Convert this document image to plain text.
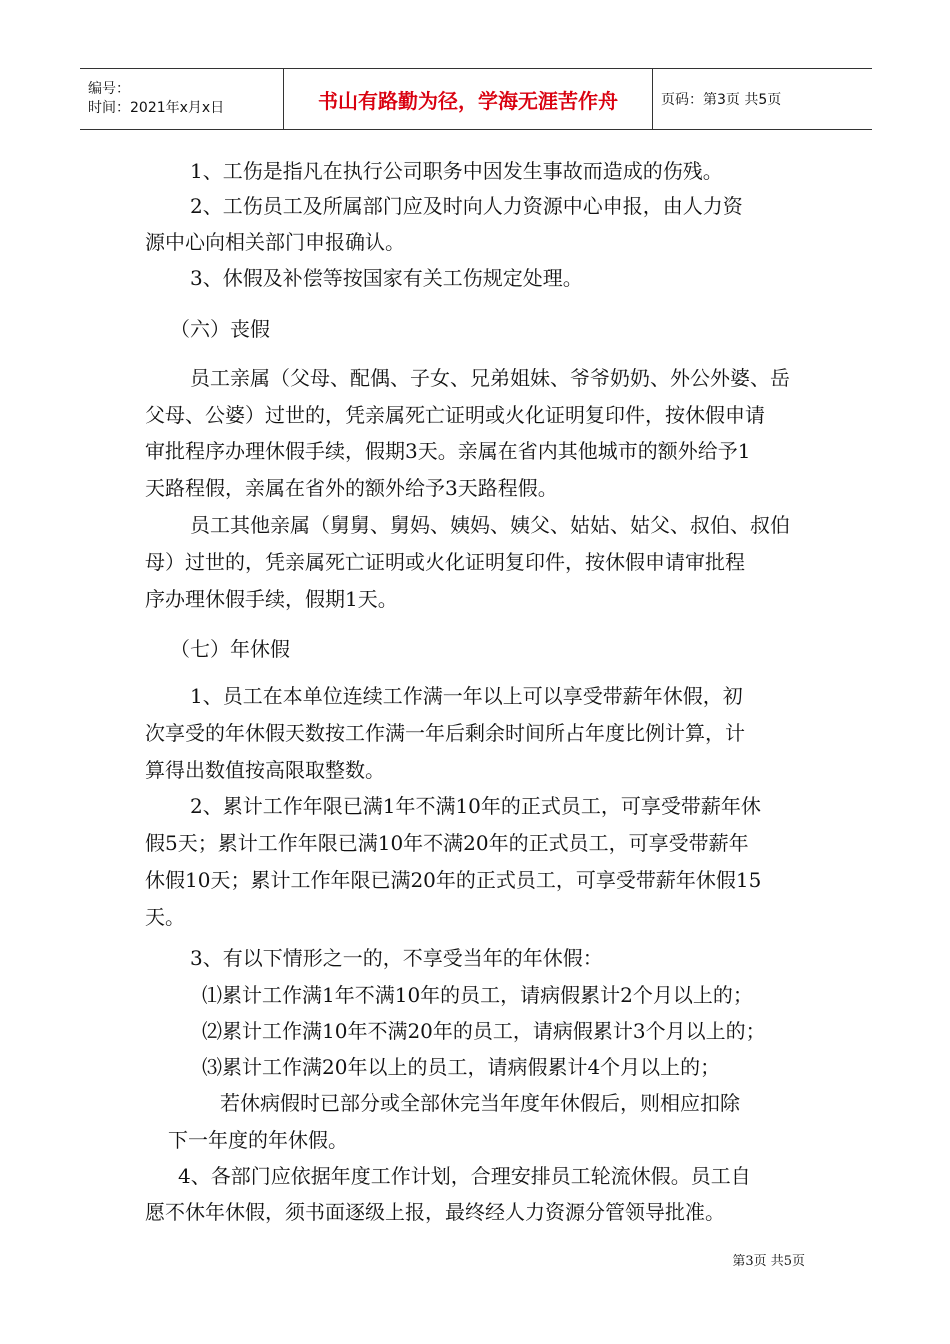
编号：
时间：2021年x月x日	书山有路勤为径，学海无涯苦作舟	页码：第3页 共5页
1、工伤是指凡在执行公司职务中因发生事故而造成的伤残。
2、工伤员工及所属部门应及时向人力资源中心申报，由人力资
源中心向相关部门申报确认。
3、休假及补偿等按国家有关工伤规定处理。
（六）丧假
员工亲属（父母、配偶、子女、兄弟姐妹、爷爷奶奶、外公外婆、岳
父母、公婆）过世的，凭亲属死亡证明或火化证明复印件，按休假申请
审批程序办理休假手续，假期3天。亲属在省内其他城市的额外给予1
天路程假，亲属在省外的额外给予3天路程假。
员工其他亲属（舅舅、舅妈、姨妈、姨父、姑姑、姑父、叔伯、叔伯
母）过世的，凭亲属死亡证明或火化证明复印件，按休假申请审批程
序办理休假手续，假期1天。
（七）年休假
1、员工在本单位连续工作满一年以上可以享受带薪年休假，初
次享受的年休假天数按工作满一年后剩余时间所占年度比例计算，计
算得出数值按高限取整数。
2、累计工作年限已满1年不满10年的正式员工，可享受带薪年休
假5天；累计工作年限已满10年不满20年的正式员工，可享受带薪年
休假10天；累计工作年限已满20年的正式员工，可享受带薪年休假15
天。
3、有以下情形之一的，不享受当年的年休假：
⑴累计工作满1年不满10年的员工，请病假累计2个月以上的；
⑵累计工作满10年不满20年的员工，请病假累计3个月以上的；
⑶累计工作满20年以上的员工，请病假累计4个月以上的；
若休病假时已部分或全部休完当年度年休假后，则相应扣除
下一年度的年休假。
4、各部门应依据年度工作计划，合理安排员工轮流休假。员工自
愿不休年休假，须书面逐级上报，最终经人力资源分管领导批准。
第3页 共5页
